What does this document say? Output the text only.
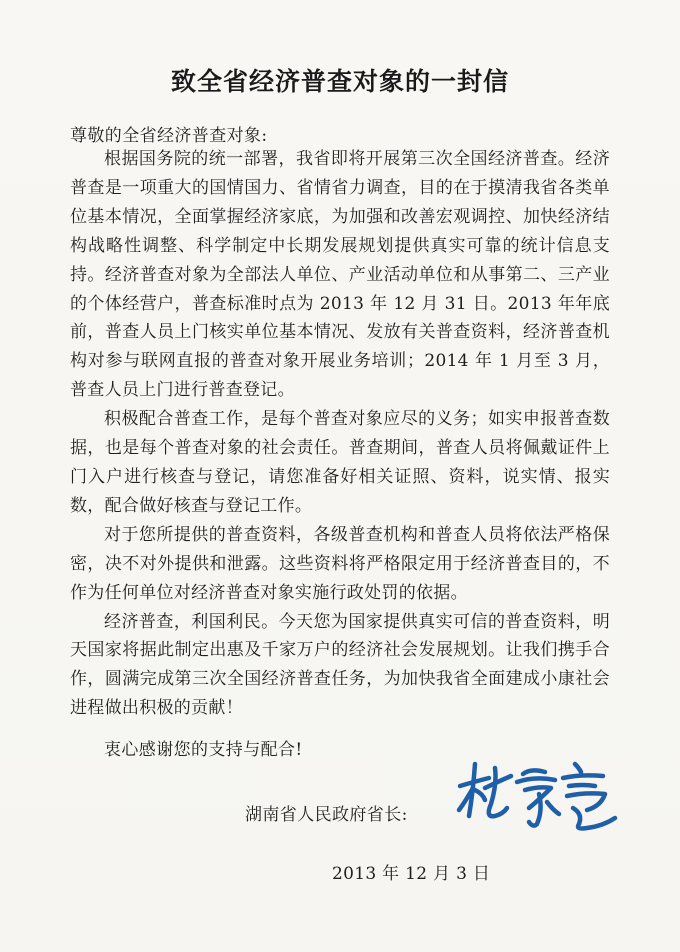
致全省经济普查对象的一封信
尊敬的全省经济普查对象:

根据国务院的统一部署，我省即将开展第三次全国经济普查。经济普查是一项重大的国情国力、省情省力调查，目的在于摸清我省各类单位基本情况，全面掌握经济家底，为加强和改善宏观调控、加快经济结构战略性调整、科学制定中长期发展规划提供真实可靠的统计信息支持。经济普查对象为全部法人单位、产业活动单位和从事第二、三产业的个体经营户，普查标准时点为 2013 年 12 月 31 日。2013 年年底前，普查人员上门核实单位基本情况、发放有关普查资料，经济普查机构对参与联网直报的普查对象开展业务培训；2014 年 1 月至 3 月，普查人员上门进行普查登记。

积极配合普查工作，是每个普查对象应尽的义务；如实申报普查数据，也是每个普查对象的社会责任。普查期间，普查人员将佩戴证件上门入户进行核查与登记，请您准备好相关证照、资料，说实情、报实数，配合做好核查与登记工作。

对于您所提供的普查资料，各级普查机构和普查人员将依法严格保密，决不对外提供和泄露。这些资料将严格限定用于经济普查目的，不作为任何单位对经济普查对象实施行政处罚的依据。

经济普查，利国利民。今天您为国家提供真实可信的普查资料，明天国家将据此制定出惠及千家万户的经济社会发展规划。让我们携手合作，圆满完成第三次全国经济普查任务，为加快我省全面建成小康社会进程做出积极的贡献！

衷心感谢您的支持与配合!
湖南省人民政府省长:
2013 年 12 月 3 日
